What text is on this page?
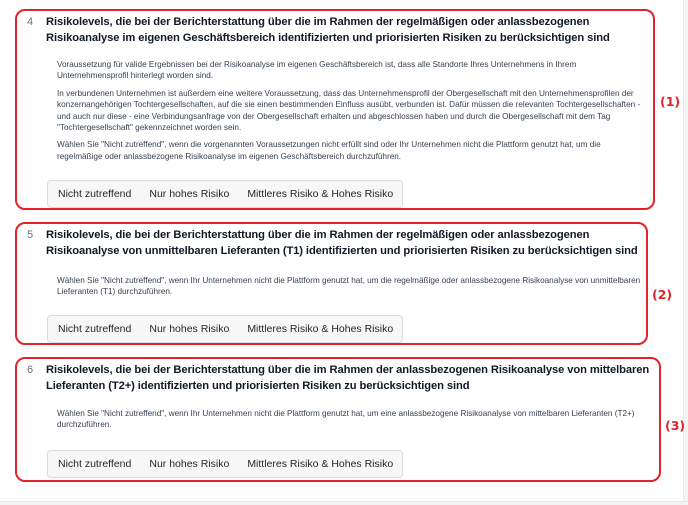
4 Risikolevels, die bei der Berichterstattung über die im Rahmen der regelmäßigen oder anlassbezogenen Risikoanalyse im eigenen Geschäftsbereich identifizierten und priorisierten Risiken zu berücksichtigen sind

Voraussetzung für valide Ergebnissen bei der Risikoanalyse im eigenen Geschäftsbereich ist, dass alle Standorte Ihres Unternehmens in Ihrem Unternehmensprofil hinterlegt worden sind.

In verbundenen Unternehmen ist außerdem eine weitere Voraussetzung, dass das Unternehmensprofil der Obergesellschaft mit den Unternehmensprofilen der konzernangehörigen Tochtergesellschaften, auf die sie einen bestimmenden Einfluss ausübt, verbunden ist. Dafür müssen die relevanten Tochtergesellschaften - und auch nur diese - eine Verbindungsanfrage von der Obergesellschaft erhalten und abgeschlossen haben und durch die Obergesellschaft mit dem Tag "Tochtergesellschaft" gekennzeichnet worden sein.

Wählen Sie "Nicht zutreffend", wenn die vorgenannten Voraussetzungen nicht erfüllt sind oder Ihr Unternehmen nicht die Plattform genutzt hat, um die regelmäßige oder anlassbezogene Risikoanalyse im eigenen Geschäftsbereich durchzuführen.

Nicht zutreffend	Nur hohes Risiko	Mittleres Risiko & Hohes Risiko
(1)
5 Risikolevels, die bei der Berichterstattung über die im Rahmen der regelmäßigen oder anlassbezogenen Risikoanalyse von unmittelbaren Lieferanten (T1) identifizierten und priorisierten Risiken zu berücksichtigen sind

Wählen Sie "Nicht zutreffend", wenn Ihr Unternehmen nicht die Plattform genutzt hat, um die regelmäßige oder anlassbezogene Risikoanalyse von unmittelbaren Lieferanten (T1) durchzuführen.

Nicht zutreffend	Nur hohes Risiko	Mittleres Risiko & Hohes Risiko
(2)
6 Risikolevels, die bei der Berichterstattung über die im Rahmen der anlassbezogenen Risikoanalyse von mittelbaren Lieferanten (T2+) identifizierten und priorisierten Risiken zu berücksichtigen sind

Wählen Sie "Nicht zutreffend", wenn Ihr Unternehmen nicht die Plattform genutzt hat, um eine anlassbezogene Risikoanalyse von mittelbaren Lieferanten (T2+) durchzuführen.

Nicht zutreffend	Nur hohes Risiko	Mittleres Risiko & Hohes Risiko
(3)
